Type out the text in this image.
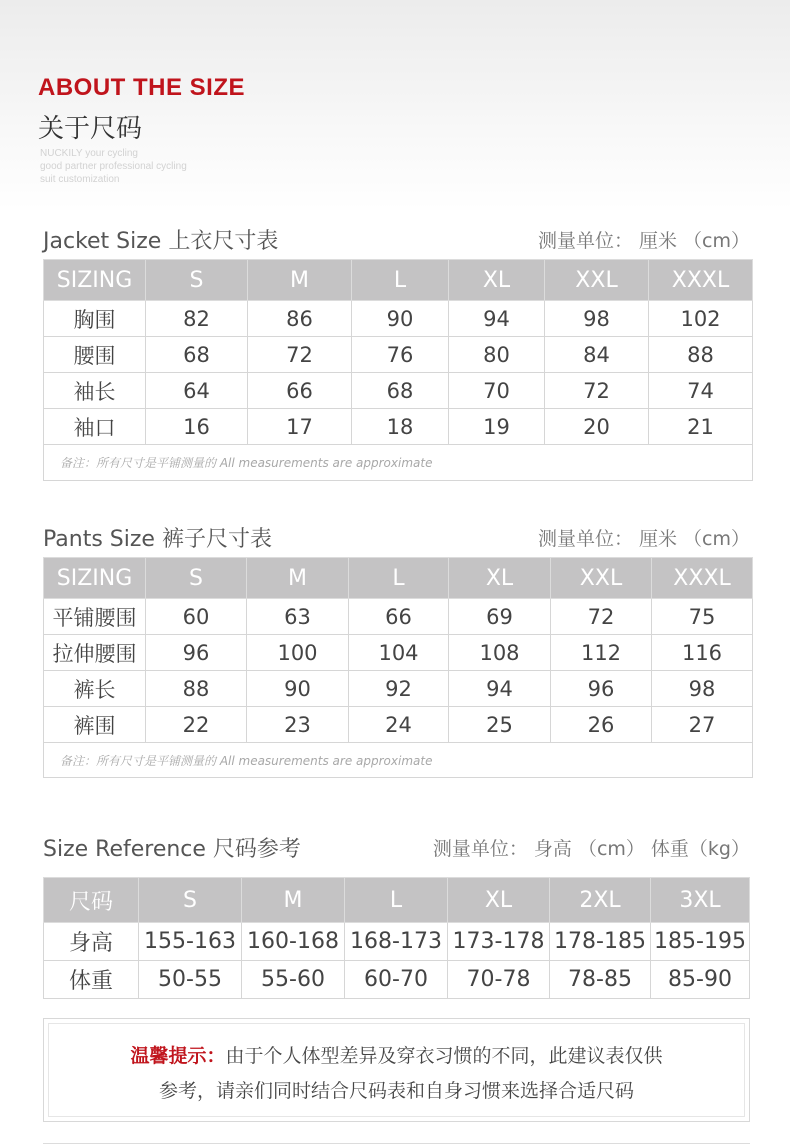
ABOUT THE SIZE
关于尺码
NUCKILY your cycling
good partner professional cycling
suit customization
Jacket Size 上衣尺寸表	测量单位： 厘米 （cm）
SIZING	S	M	L	XL	XXL	XXXL
胸围	82	86	90	94	98	102
腰围	68	72	76	80	84	88
袖长	64	66	68	70	72	74
袖口	16	17	18	19	20	21
备注：所有尺寸是平铺测量的 All measurements are approximate						
Pants Size 裤子尺寸表	测量单位： 厘米 （cm）
SIZING	S	M	L	XL	XXL	XXXL
平铺腰围	60	63	66	69	72	75
拉伸腰围	96	100	104	108	112	116
裤长	88	90	92	94	96	98
裤围	22	23	24	25	26	27
备注：所有尺寸是平铺测量的 All measurements are approximate						
Size Reference 尺码参考	测量单位： 身高 （cm） 体重（kg）
尺码	S	M	L	XL	2XL	3XL
身高	155-163	160-168	168-173	173-178	178-185	185-195
体重	50-55	55-60	60-70	70-78	78-85	85-90
温馨提示：由于个人体型差异及穿衣习惯的不同，此建议表仅供
参考，请亲们同时结合尺码表和自身习惯来选择合适尺码
